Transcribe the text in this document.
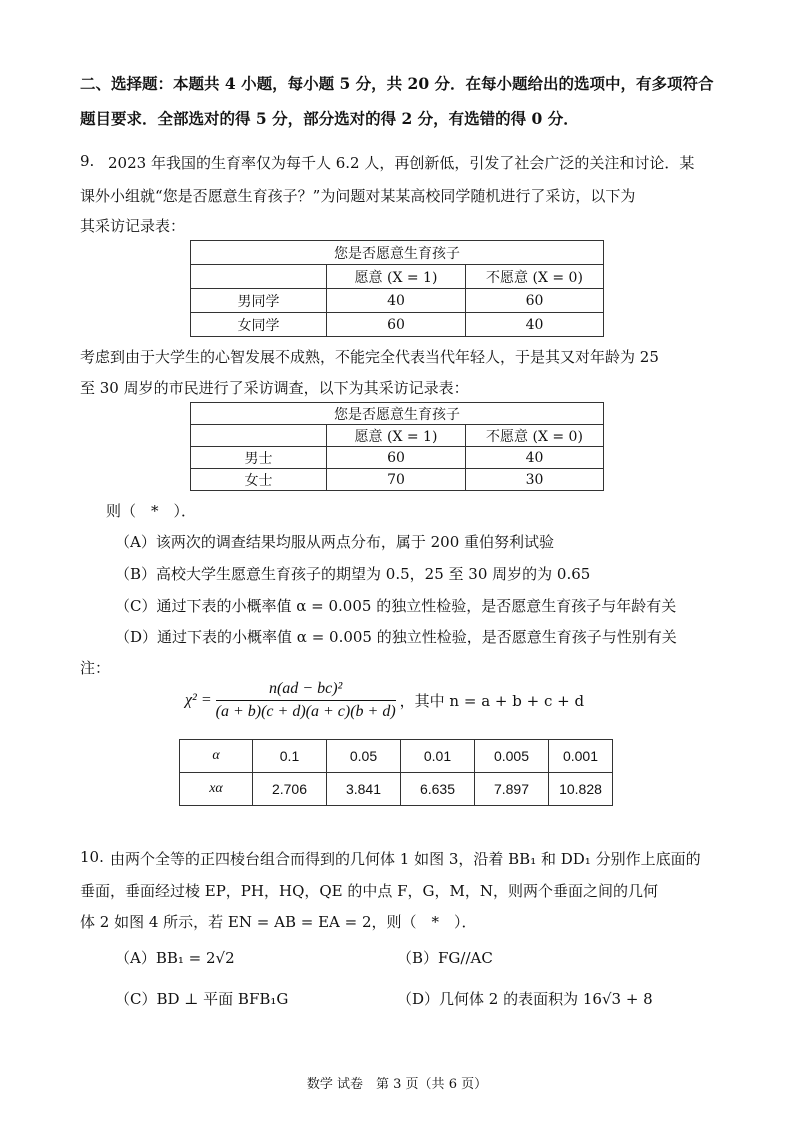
二、选择题：本题共 4 小题，每小题 5 分，共 20 分．在每小题给出的选项中，有多项符合
题目要求．全部选对的得 5 分，部分选对的得 2 分，有选错的得 0 分．
9. 2023 年我国的生育率仅为每千人 6.2 人，再创新低，引发了社会广泛的关注和讨论．某
课外小组就“您是否愿意生育孩子？”为问题对某某高校同学随机进行了采访，以下为
其采访记录表：
您是否愿意生育孩子		
	愿意 (X = 1)	不愿意 (X = 0)
男同学	40	60
女同学	60	40
考虑到由于大学生的心智发展不成熟，不能完全代表当代年轻人，于是其又对年龄为 25
至 30 周岁的市民进行了采访调查，以下为其采访记录表：
您是否愿意生育孩子		
	愿意 (X = 1)	不愿意 (X = 0)
男士	60	40
女士	70	30
则（　*　）．
（A）该两次的调查结果均服从两点分布，属于 200 重伯努利试验
（B）高校大学生愿意生育孩子的期望为 0.5，25 至 30 周岁的为 0.65
（C）通过下表的小概率值 α = 0.005 的独立性检验，是否愿意生育孩子与年龄有关
（D）通过下表的小概率值 α = 0.005 的独立性检验，是否愿意生育孩子与性别有关
注：
$\chi^2 = \frac{\text{n(ad − bc)²}}{(a + b)(c + d)(a + c)(b + d)}$ ，其中 n = a + b + c + d
α	0.1	0.05	0.01	0.005	0.001
xα	2.706	3.841	6.635	7.897	10.828
10. 由两个全等的正四棱台组合而得到的几何体 1 如图 3，沿着 BB₁ 和 DD₁ 分别作上底面的
垂面，垂面经过棱 EP，PH，HQ，QE 的中点 F，G，M，N，则两个垂面之间的几何
体 2 如图 4 所示，若 EN = AB = EA = 2，则（　*　）．
（A）BB₁ = 2√2	（B）FG//AC
（C）BD ⊥ 平面 BFB₁G	（D）几何体 2 的表面积为 16√3 + 8
数学 试卷　第 3 页（共 6 页）
